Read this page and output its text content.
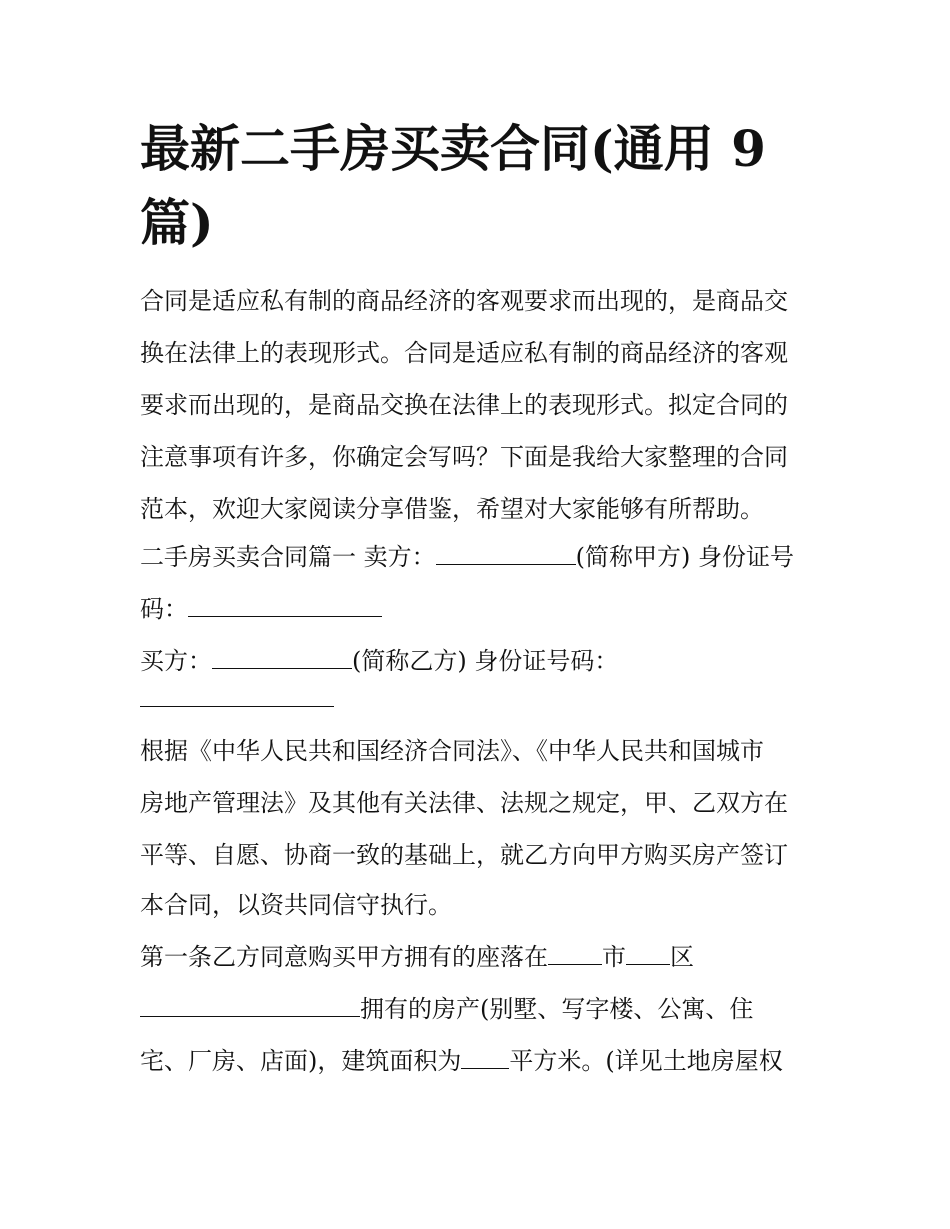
最新二手房买卖合同(通用 9
篇)

合同是适应私有制的商品经济的客观要求而出现的，是商品交

换在法律上的表现形式。合同是适应私有制的商品经济的客观

要求而出现的，是商品交换在法律上的表现形式。拟定合同的

注意事项有许多，你确定会写吗？下面是我给大家整理的合同

范本，欢迎大家阅读分享借鉴，希望对大家能够有所帮助。

二手房买卖合同篇一 卖方：	(简称甲方) 身份证号

码：

买方：	(简称乙方) 身份证号码：

根据《中华人民共和国经济合同法》、《中华人民共和国城市

房地产管理法》及其他有关法律、法规之规定，甲、乙双方在

平等、自愿、协商一致的基础上，就乙方向甲方购买房产签订

本合同，以资共同信守执行。

第一条乙方同意购买甲方拥有的座落在 市 区

拥有的房产(别墅、写字楼、公寓、住

宅、厂房、店面)，建筑面积为 平方米。(详见土地房屋权
